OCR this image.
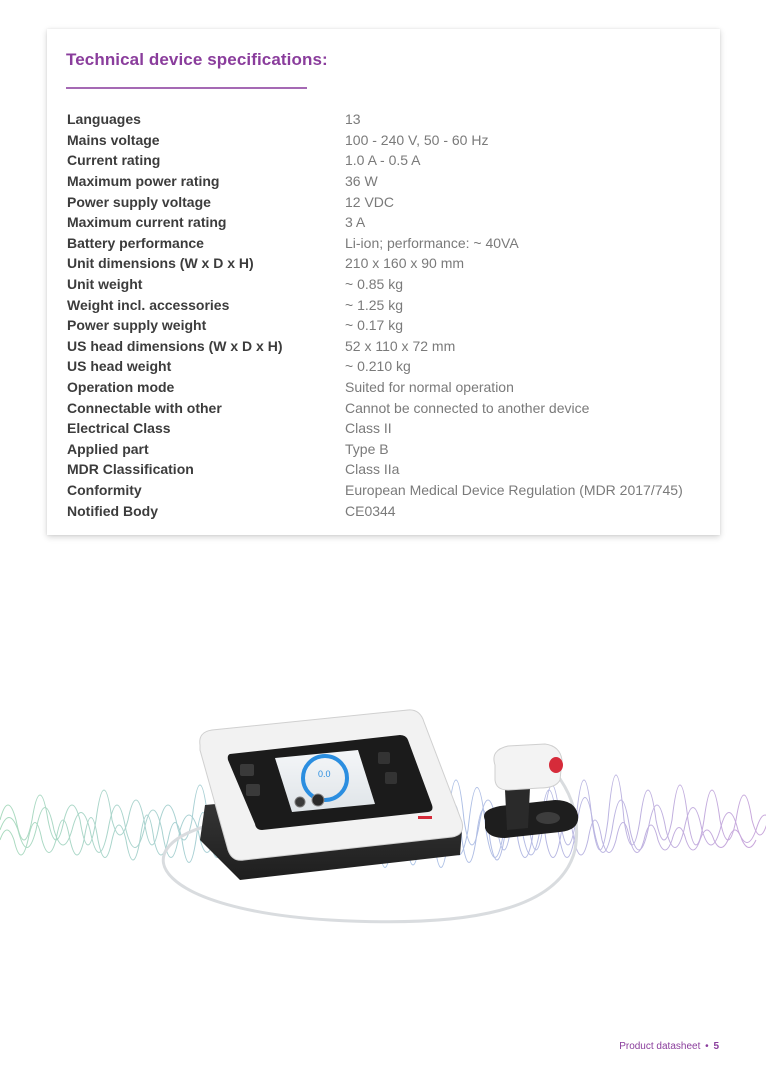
Technical device specifications:
Languages	13
Mains voltage	100 - 240 V, 50 - 60 Hz
Current rating	1.0 A - 0.5 A
Maximum power rating	36 W
Power supply voltage	12 VDC
Maximum current rating	3 A
Battery performance	Li-ion; performance: ~ 40VA
Unit dimensions (W x D x H)	210 x 160 x 90 mm
Unit weight	~ 0.85 kg
Weight incl. accessories	~ 1.25 kg
Power supply weight	~ 0.17 kg
US head dimensions (W x D x H)	52 x 110 x 72 mm
US head weight	~ 0.210 kg
Operation mode	Suited for normal operation
Connectable with other	Cannot be connected to another device
Electrical Class	Class II
Applied part	Type B
MDR Classification	Class IIa
Conformity	European Medical Device Regulation (MDR 2017/745)
Notified Body	CE0344
0.0
Product datasheet • 5
